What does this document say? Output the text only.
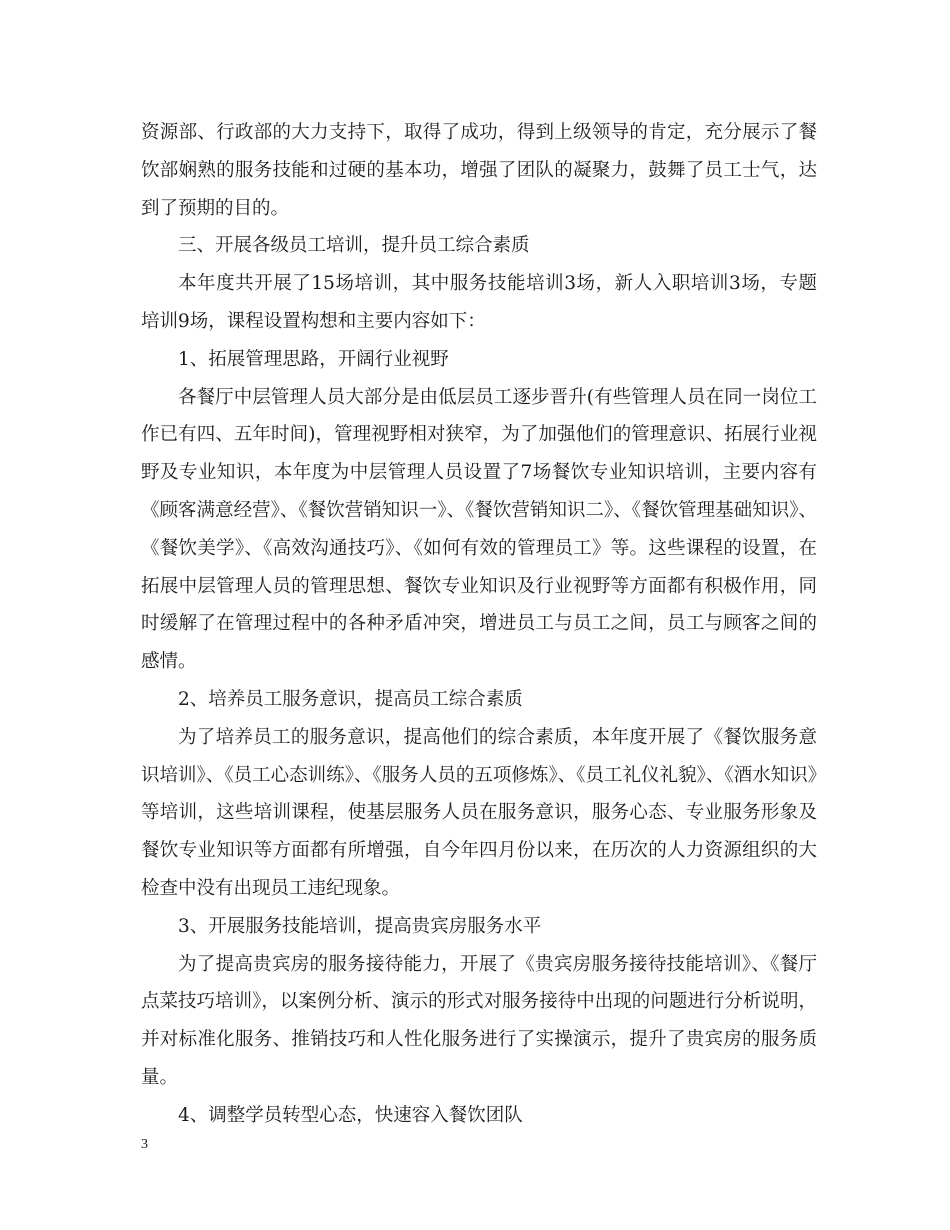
资源部、行政部的大力支持下，取得了成功，得到上级领导的肯定，充分展示了餐饮部娴熟的服务技能和过硬的基本功，增强了团队的凝聚力，鼓舞了员工士气，达到了预期的目的。

三、开展各级员工培训，提升员工综合素质

本年度共开展了15场培训，其中服务技能培训3场，新人入职培训3场，专题培训9场，课程设置构想和主要内容如下：

1、拓展管理思路，开阔行业视野

各餐厅中层管理人员大部分是由低层员工逐步晋升(有些管理人员在同一岗位工作已有四、五年时间)，管理视野相对狭窄，为了加强他们的管理意识、拓展行业视野及专业知识，本年度为中层管理人员设置了7场餐饮专业知识培训，主要内容有《顾客满意经营》、《餐饮营销知识一》、《餐饮营销知识二》、《餐饮管理基础知识》、《餐饮美学》、《高效沟通技巧》、《如何有效的管理员工》等。这些课程的设置，在拓展中层管理人员的管理思想、餐饮专业知识及行业视野等方面都有积极作用，同时缓解了在管理过程中的各种矛盾冲突，增进员工与员工之间，员工与顾客之间的感情。

2、培养员工服务意识，提高员工综合素质

为了培养员工的服务意识，提高他们的综合素质，本年度开展了《餐饮服务意识培训》、《员工心态训练》、《服务人员的五项修炼》、《员工礼仪礼貌》、《酒水知识》等培训，这些培训课程，使基层服务人员在服务意识，服务心态、专业服务形象及餐饮专业知识等方面都有所增强，自今年四月份以来，在历次的人力资源组织的大检查中没有出现员工违纪现象。

3、开展服务技能培训，提高贵宾房服务水平

为了提高贵宾房的服务接待能力，开展了《贵宾房服务接待技能培训》、《餐厅点菜技巧培训》，以案例分析、演示的形式对服务接待中出现的问题进行分析说明，并对标准化服务、推销技巧和人性化服务进行了实操演示，提升了贵宾房的服务质量。

4、调整学员转型心态，快速容入餐饮团队

3
